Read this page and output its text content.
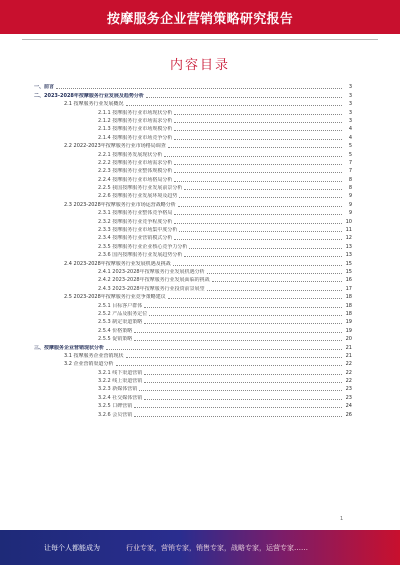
按摩服务企业营销策略研究报告
内容目录
一、前言	3
二、2023-2028年按摩服务行业发展及趋势分析	3
2.1 按摩服务行业发展概况	3
2.1.1 按摩服务行业市场现状分析	3
2.1.2 按摩服务行业市场需求分析	3
2.1.3 按摩服务行业市场规模分析	4
2.1.4 按摩服务行业市场竞争分析	4
2.2 2022-2023年按摩服务行业市场格局调查	5
2.2.1 按摩服务发展现状分析	5
2.2.2 按摩服务行业市场需求分析	7
2.2.3 按摩服务行业整体规模分析	7
2.2.4 按摩服务行业市场格局分析	8
2.2.5 我国按摩服务行业发展前景分析	8
2.2.6 按摩服务行业发展环境及趋势	9
2.3 2023-2028年按摩服务行业市场运营战略分析	9
2.3.1 按摩服务行业整体竞争格局	9
2.3.2 按摩服务行业竞争程度分析	10
2.3.3 按摩服务行业市场集中度分析	11
2.3.4 按摩服务行业营销模式分析	12
2.3.5 按摩服务行业企业核心竞争力分析	13
2.3.6 国内按摩服务行业发展趋势分析	13
2.4 2023-2028年按摩服务行业发展机遇及挑战	15
2.4.1 2023-2028年按摩服务行业发展机遇分析	15
2.4.2 2023-2028年按摩服务行业发展面临的挑战	16
2.4.3 2023-2028年按摩服务行业投资前景展望	17
2.5 2023-2028年按摩服务行业竞争策略建议	18
2.5.1 目标客户群体	18
2.5.2 产品及服务定位	18
2.5.3 制定渠道策略	19
2.5.4 价格策略	19
2.5.5 促销策略	20
三、按摩服务企业营销现状分析	21
3.1 按摩服务企业营销现状	21
3.2 企业营销渠道分析	22
3.2.1 线下渠道营销	22
3.2.2 线上渠道营销	22
3.2.3 新媒体营销	23
3.2.4 社交媒体营销	23
3.2.5 口碑营销	24
3.2.6 会员营销	26
1
让每个人都能成为	行业专家，营销专家，销售专家，战略专家，运营专家……
